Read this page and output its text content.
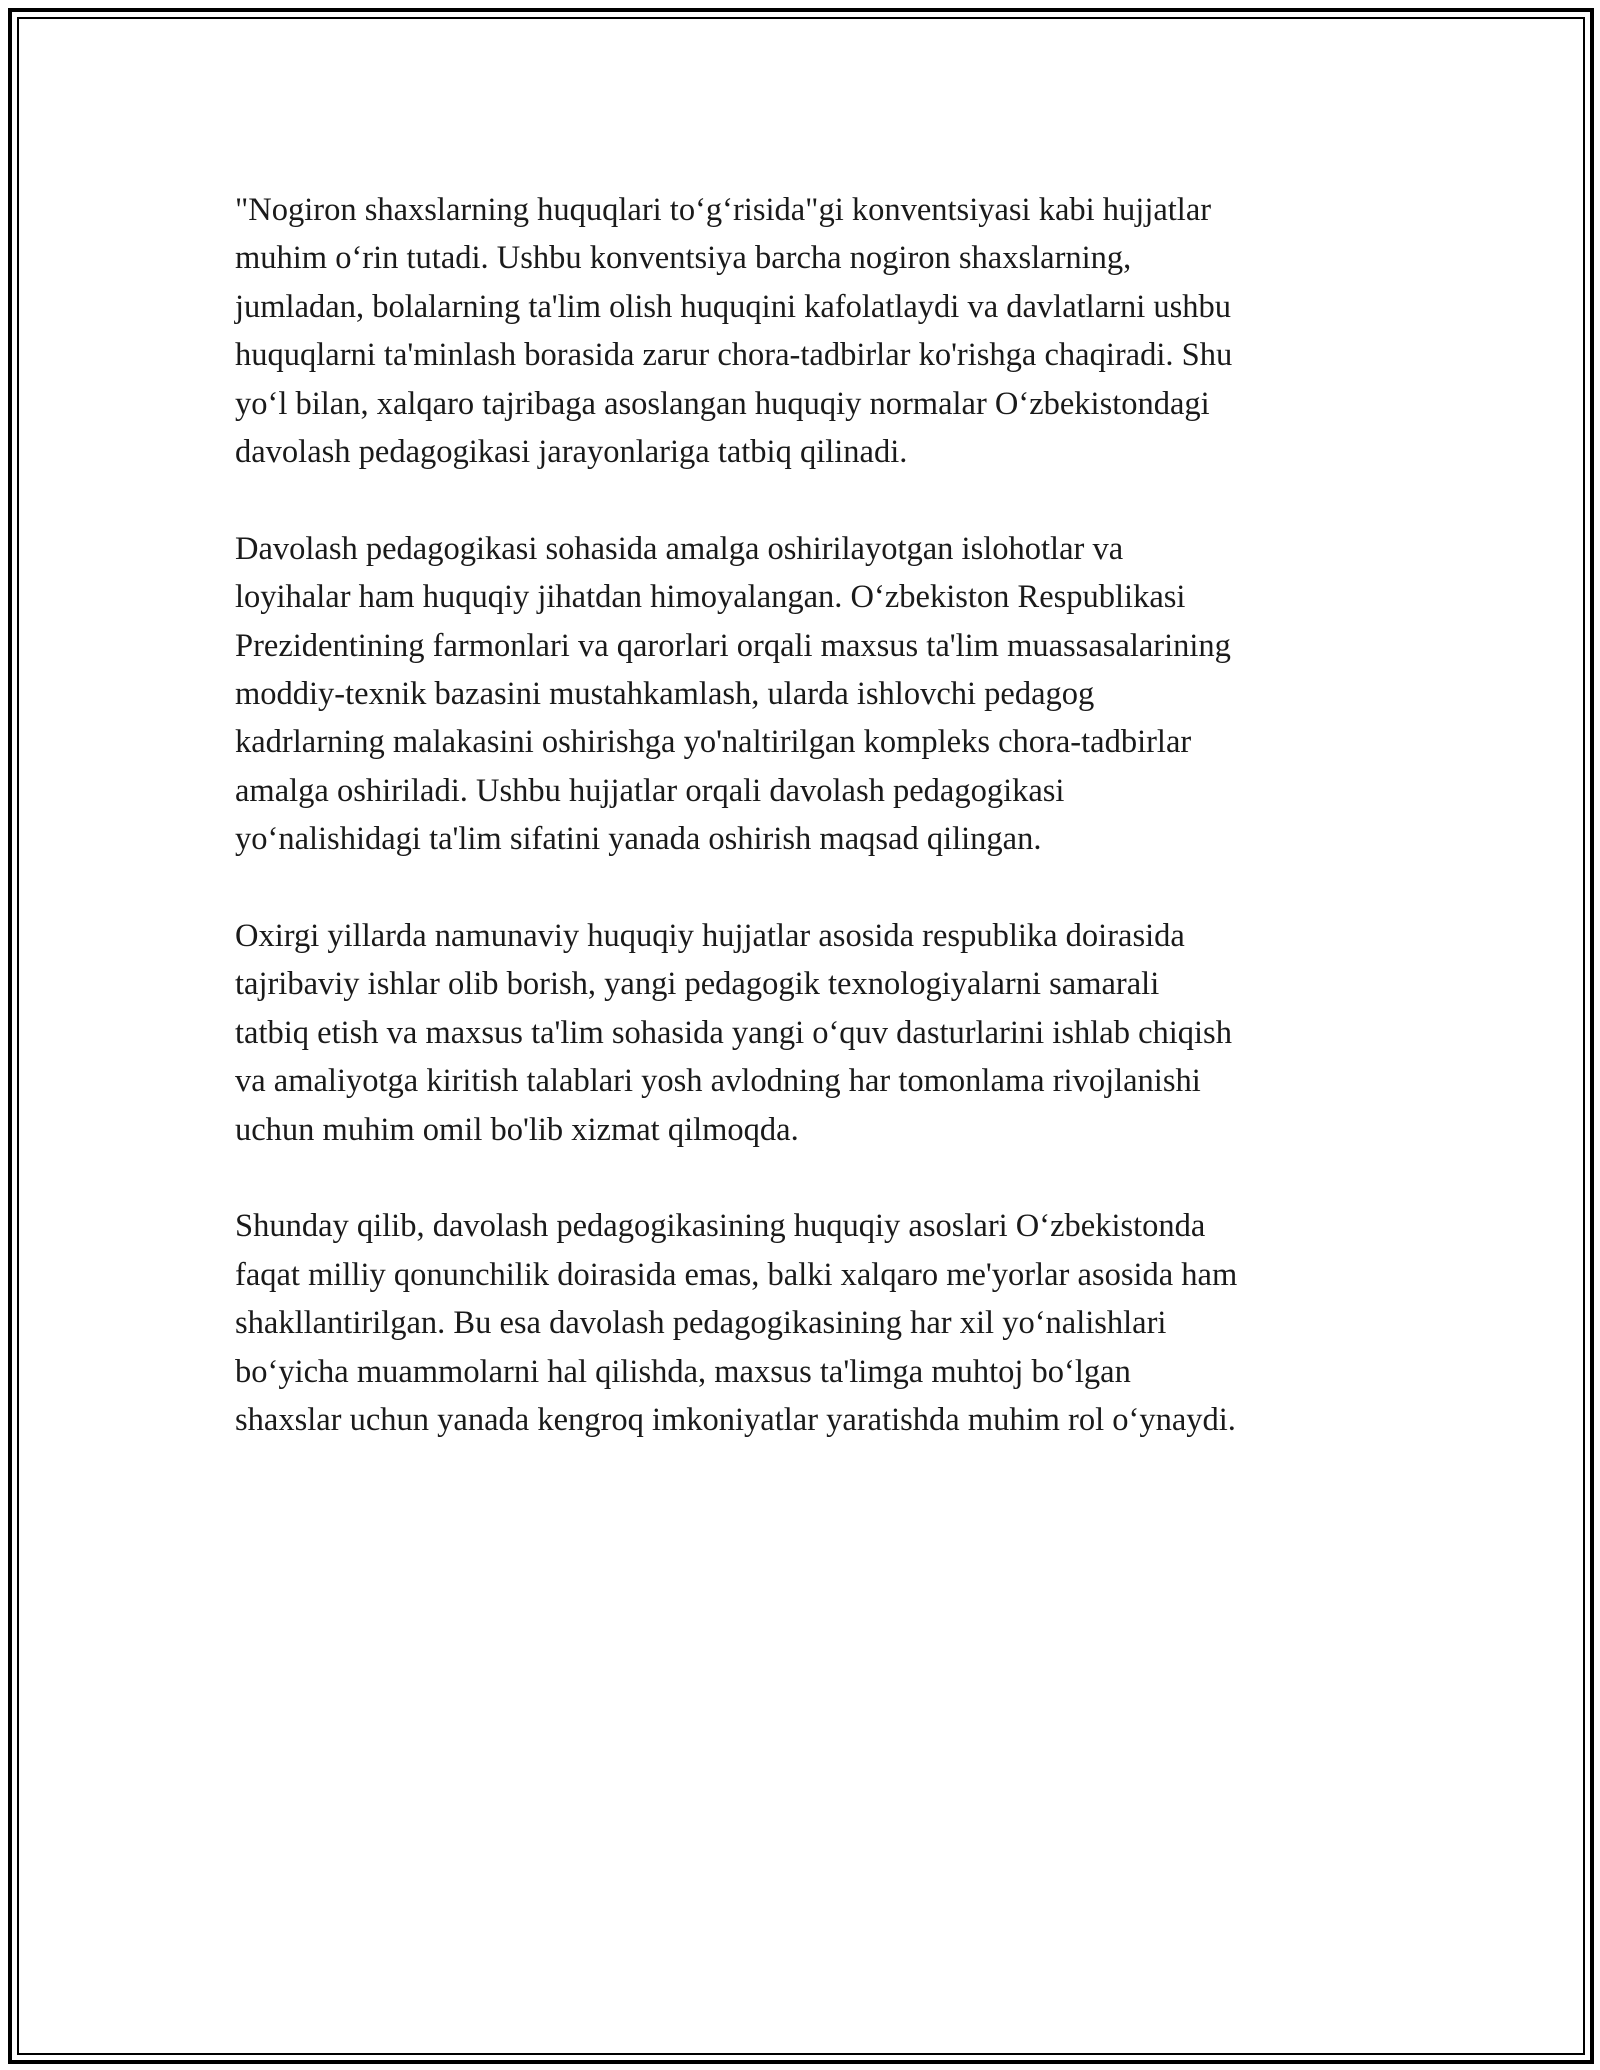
"Nogiron shaxslarning huquqlari to‘g‘risida"gi konventsiyasi kabi hujjatlar
muhim o‘rin tutadi. Ushbu konventsiya barcha nogiron shaxslarning,
jumladan, bolalarning ta'lim olish huquqini kafolatlaydi va davlatlarni ushbu
huquqlarni ta'minlash borasida zarur chora-tadbirlar ko'rishga chaqiradi. Shu
yo‘l bilan, xalqaro tajribaga asoslangan huquqiy normalar O‘zbekistondagi
davolash pedagogikasi jarayonlariga tatbiq qilinadi.

Davolash pedagogikasi sohasida amalga oshirilayotgan islohotlar va
loyihalar ham huquqiy jihatdan himoyalangan. O‘zbekiston Respublikasi
Prezidentining farmonlari va qarorlari orqali maxsus ta'lim muassasalarining
moddiy-texnik bazasini mustahkamlash, ularda ishlovchi pedagog
kadrlarning malakasini oshirishga yo'naltirilgan kompleks chora-tadbirlar
amalga oshiriladi. Ushbu hujjatlar orqali davolash pedagogikasi
yo‘nalishidagi ta'lim sifatini yanada oshirish maqsad qilingan.

Oxirgi yillarda namunaviy huquqiy hujjatlar asosida respublika doirasida
tajribaviy ishlar olib borish, yangi pedagogik texnologiyalarni samarali
tatbiq etish va maxsus ta'lim sohasida yangi o‘quv dasturlarini ishlab chiqish
va amaliyotga kiritish talablari yosh avlodning har tomonlama rivojlanishi
uchun muhim omil bo'lib xizmat qilmoqda.

Shunday qilib, davolash pedagogikasining huquqiy asoslari O‘zbekistonda
faqat milliy qonunchilik doirasida emas, balki xalqaro me'yorlar asosida ham
shakllantirilgan. Bu esa davolash pedagogikasining har xil yo‘nalishlari
bo‘yicha muammolarni hal qilishda, maxsus ta'limga muhtoj bo‘lgan
shaxslar uchun yanada kengroq imkoniyatlar yaratishda muhim rol o‘ynaydi.
